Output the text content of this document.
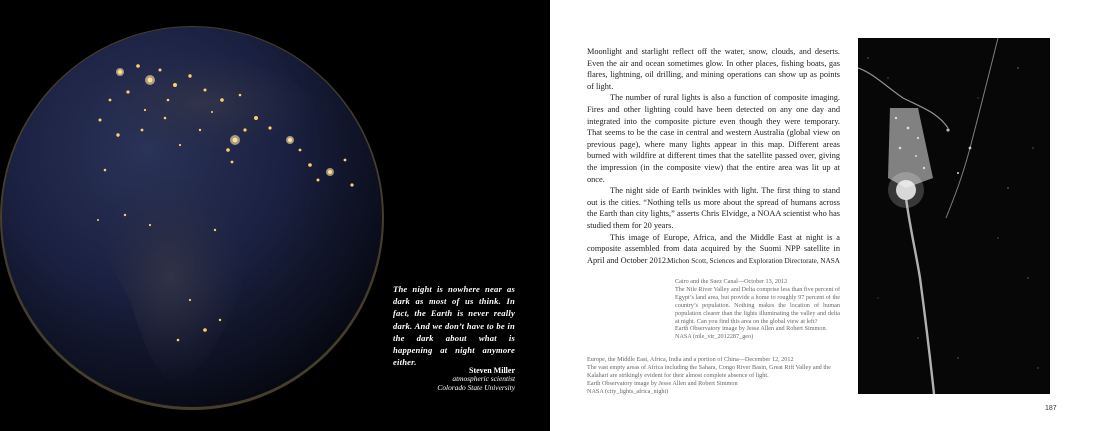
The night is nowhere near as dark as most of us think. In fact, the Earth is never really dark. And we don’t have to be in the dark about what is happening at night anymore either.
Steven Miller
atmospheric scientist
Colorado State University

Moonlight and starlight reflect off the water, snow, clouds, and deserts. Even the air and ocean sometimes glow. In other places, fishing boats, gas flares, lightning, oil drilling, and mining operations can show up as points of light.

The number of rural lights is also a function of composite imaging. Fires and other lighting could have been detected on any one day and integrated into the composite picture even though they were temporary. That seems to be the case in central and western Australia (global view on previous page), where many lights appear in this map. Different areas burned with wildfire at different times that the satellite passed over, giving the impression (in the composite view) that the entire area was lit up at once.

The night side of Earth twinkles with light. The first thing to stand out is the cities. “Nothing tells us more about the spread of humans across the Earth than city lights,” asserts Chris Elvidge, a NOAA scientist who has studied them for 20 years.

This image of Europe, Africa, and the Middle East at night is a composite assembled from data acquired by the Suomi NPP satellite in April and October 2012. Michon Scott, Sciences and Exploration Directorate, NASA
Cairo and the Suez Canal—October 13, 2012
The Nile River Valley and Delta comprise less than five percent of Egypt’s land area, but provide a home to roughly 97 percent of the country’s population. Nothing makes the location of human population clearer than the lights illuminating the valley and delta at night. Can you find this area on the global view at left?
Earth Observatory image by Jesse Allen and Robert Simmon.
NASA (nile_vir_2012287_geo)
Europe, the Middle East, Africa, India and a portion of China—December 12, 2012
The vast empty areas of Africa including the Sahara, Congo River Basin, Great Rift Valley and the Kalahari are strikingly evident for their almost complete absence of light.
Earth Observatory image by Jesse Allen and Robert Simmon
NASA (city_lights_africa_night)
187
